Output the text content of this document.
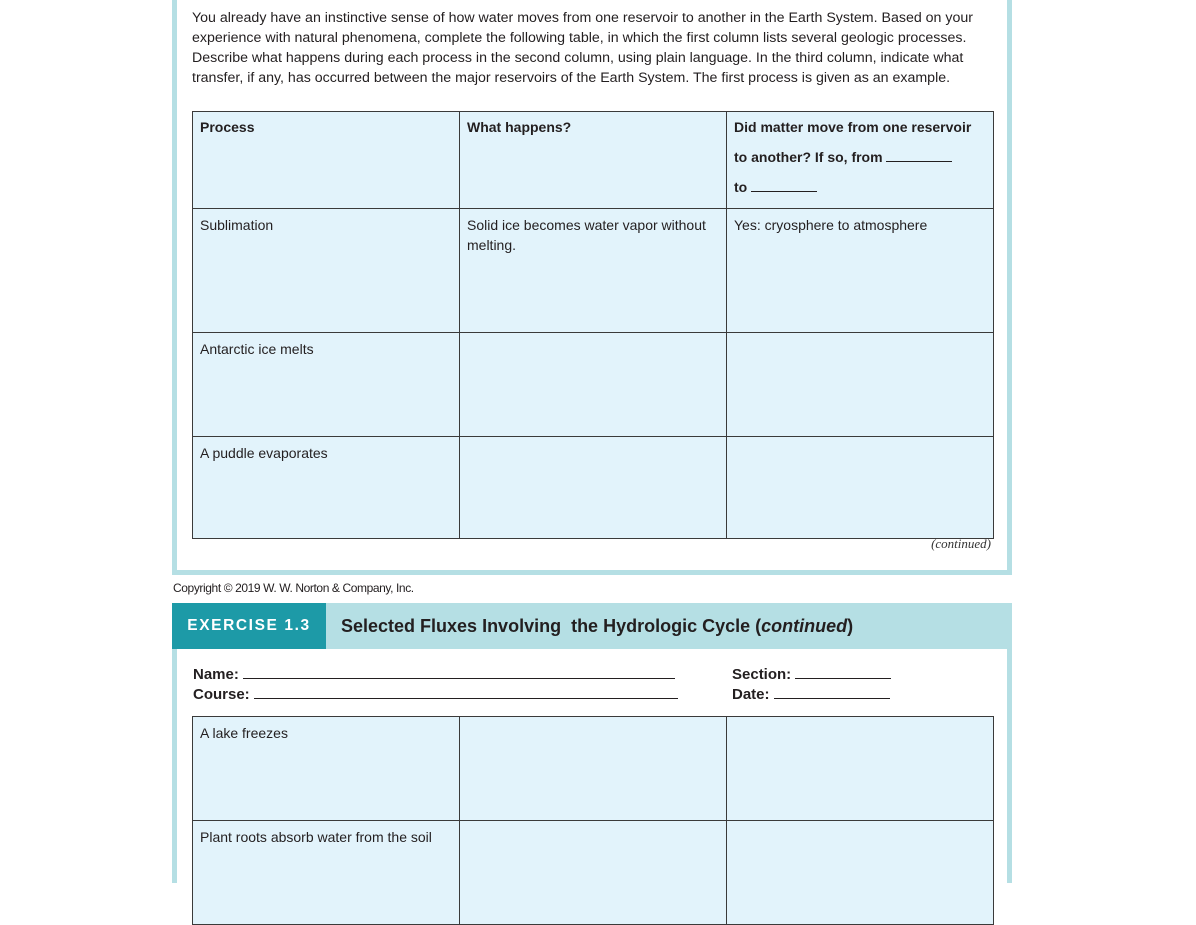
You already have an instinctive sense of how water moves from one reservoir to another in the Earth System. Based on your experience with natural phenomena, complete the following table, in which the first column lists several geologic processes. Describe what happens during each process in the second column, using plain language. In the third column, indicate what transfer, if any, has occurred between the major reservoirs of the Earth System. The first process is given as an example.

Process	What happens?	Did matter move from one reservoir
to another? If so, from
to
Sublimation	Solid ice becomes water vapor without melting.	Yes: cryosphere to atmosphere
Antarctic ice melts		
A puddle evaporates		
(continued)
Copyright © 2019 W. W. Norton & Company, Inc.
EXERCISE 1.3	Selected Fluxes Involving  the Hydrologic Cycle (continued)
Name:
Course:
Section:
Date:
A lake freezes		
Plant roots absorb water from the soil		
